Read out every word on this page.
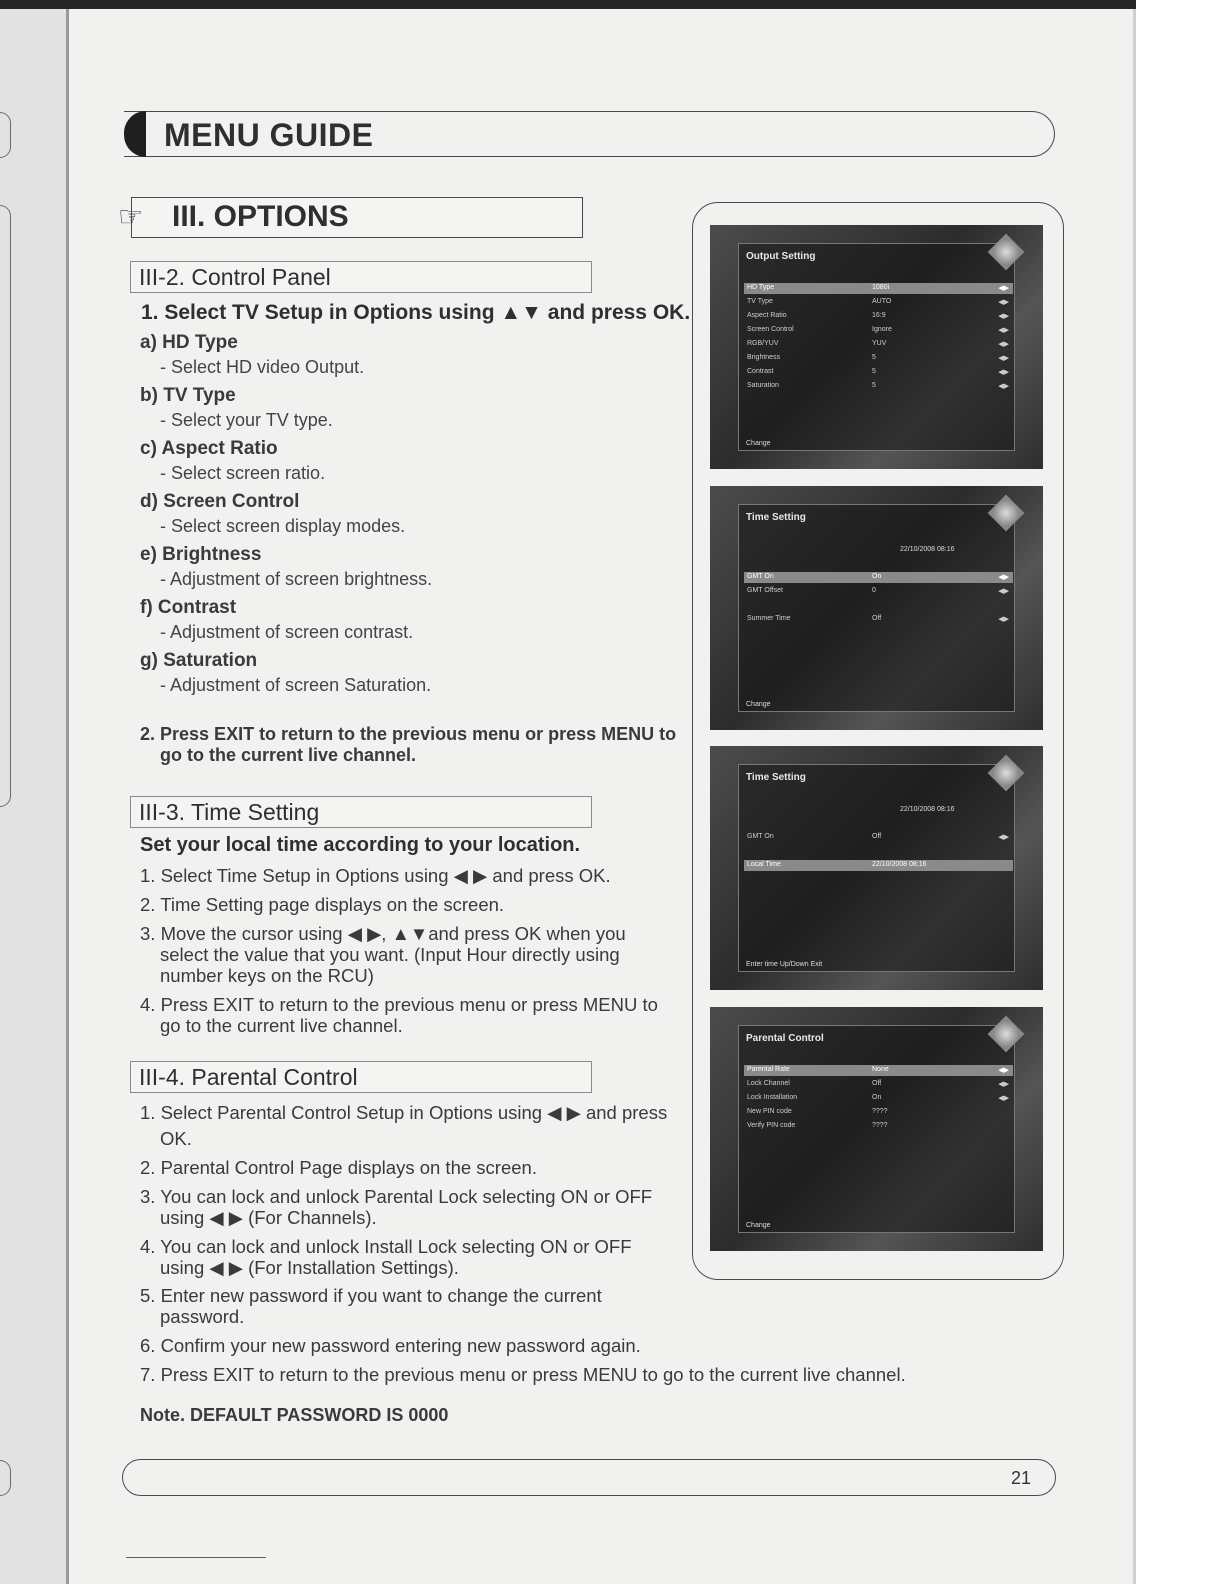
MENU GUIDE
III. OPTIONS
☞
III-2. Control Panel
1. Select TV Setup in Options using ▲▼ and press OK.
a) HD Type
- Select HD video Output.
b) TV Type
- Select your TV type.
c) Aspect Ratio
- Select screen ratio.
d) Screen Control
- Select screen display modes.
e) Brightness
- Adjustment of screen brightness.
f) Contrast
- Adjustment of screen contrast.
g) Saturation
- Adjustment of screen Saturation.
2. Press EXIT to return to the previous menu or press MENU to
go to the current live channel.
III-3. Time Setting
Set your local time according to your location.
1. Select Time Setup in Options using ◀ ▶ and press OK.
2. Time Setting page displays on the screen.
3. Move the cursor using ◀ ▶, ▲▼and press OK when you
select the value that you want. (Input Hour directly using
number keys on the RCU)
4. Press EXIT to return to the previous menu or press MENU to
go to the current live channel.
III-4. Parental Control
1. Select Parental Control Setup in Options using ◀ ▶ and press
OK.
2. Parental Control Page displays on the screen.
3. You can lock and unlock Parental Lock selecting ON or OFF
using ◀ ▶ (For Channels).
4. You can lock and unlock Install Lock selecting ON or OFF
using ◀ ▶ (For Installation Settings).
5. Enter new password if you want to change the current
password.
6. Confirm your new password entering new password again.
7. Press EXIT to return to the previous menu or press MENU to go to the current live channel.
Note. DEFAULT PASSWORD IS 0000
Output Setting
HD Type	1080i	◀▶
TV Type	AUTO	◀▶
Aspect Ratio	16:9	◀▶
Screen Control	Ignore	◀▶
RGB/YUV	YUV	◀▶
Brightness	5	◀▶
Contrast	5	◀▶
Saturation	5	◀▶
Change
Time Setting
22/10/2008 08:16
GMT On	On	◀▶
GMT Offset	0	◀▶
Summer Time	Off	◀▶
Change
Time Setting
22/10/2008 08:16
GMT On	Off	◀▶
Local Time	22/10/2008 08:16
Enter time Up/Down Exit
Parental Control
Parental Rate	None	◀▶
Lock Channel	Off	◀▶
Lock Installation	On	◀▶
New PIN code	????
Verify PIN code	????
Change
21
